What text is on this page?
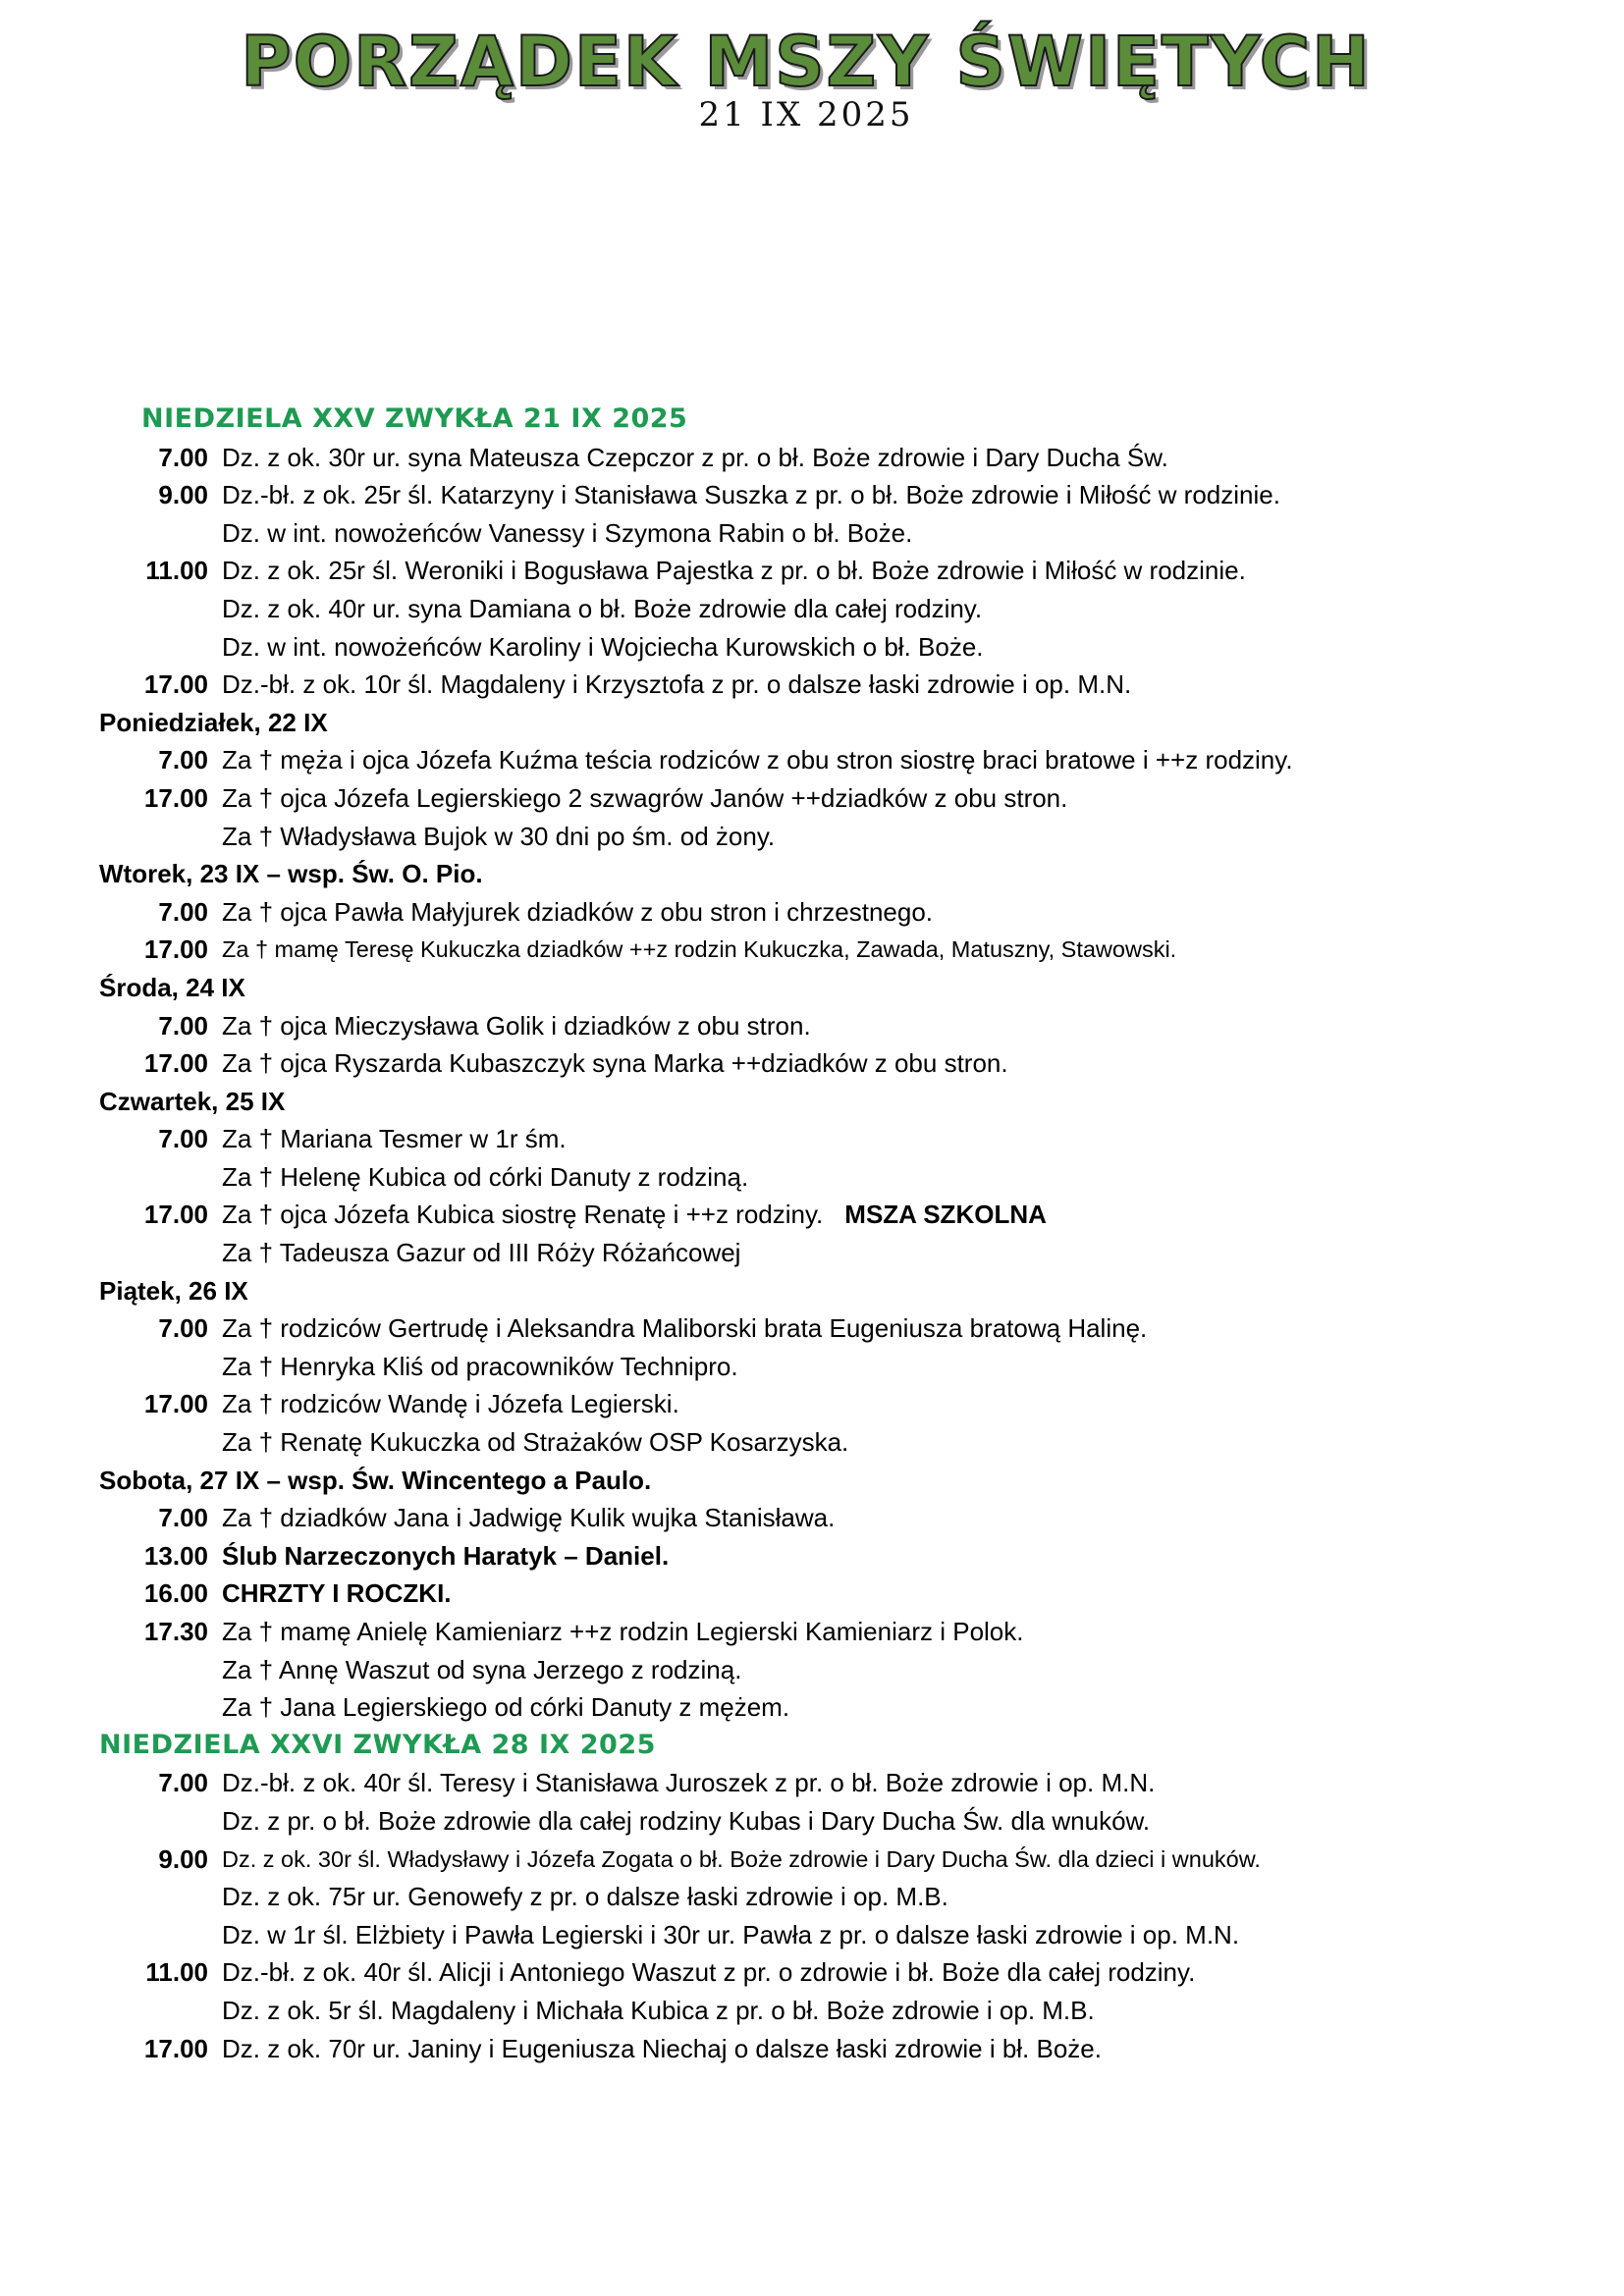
PORZĄDEK MSZY ŚWIĘTYCH
21 IX 2025
NIEDZIELA XXV ZWYKŁA 21 IX 2025
7.00 Dz. z ok. 30r ur. syna Mateusza Czepczor z pr. o bł. Boże zdrowie i Dary Ducha Św.
9.00 Dz.-bł. z ok. 25r śl. Katarzyny i Stanisława Suszka z pr. o bł. Boże zdrowie i Miłość w rodzinie.
Dz. w int. nowożeńców Vanessy i Szymona Rabin o bł. Boże.
11.00 Dz. z ok. 25r śl. Weroniki i Bogusława Pajestka z pr. o bł. Boże zdrowie i Miłość w rodzinie.
Dz. z ok. 40r ur. syna Damiana o bł. Boże zdrowie dla całej rodziny.
Dz. w int. nowożeńców Karoliny i Wojciecha Kurowskich o bł. Boże.
17.00 Dz.-bł. z ok. 10r śl. Magdaleny i Krzysztofa z pr. o dalsze łaski zdrowie i op. M.N.
Poniedziałek, 22 IX
7.00 Za † męża i ojca Józefa Kuźma teścia rodziców z obu stron siostrę braci bratowe i ++z rodziny.
17.00 Za † ojca Józefa Legierskiego 2 szwagrów Janów ++dziadków z obu stron.
Za † Władysława Bujok w 30 dni po śm. od żony.
Wtorek, 23 IX – wsp. Św. O. Pio.
7.00 Za † ojca Pawła Małyjurek dziadków z obu stron i chrzestnego.
17.00 Za † mamę Teresę Kukuczka dziadków ++z rodzin Kukuczka, Zawada, Matuszny, Stawowski.
Środa, 24 IX
7.00 Za † ojca Mieczysława Golik i dziadków z obu stron.
17.00 Za † ojca Ryszarda Kubaszczyk syna Marka ++dziadków z obu stron.
Czwartek, 25 IX
7.00 Za † Mariana Tesmer w 1r śm.
Za † Helenę Kubica od córki Danuty z rodziną.
17.00 Za † ojca Józefa Kubica siostrę Renatę i ++z rodziny. MSZA SZKOLNA
Za † Tadeusza Gazur od III Róży Różańcowej
Piątek, 26 IX
7.00 Za † rodziców Gertrudę i Aleksandra Maliborski brata Eugeniusza bratową Halinę.
Za † Henryka Kliś od pracowników Technipro.
17.00 Za † rodziców Wandę i Józefa Legierski.
Za † Renatę Kukuczka od Strażaków OSP Kosarzyska.
Sobota, 27 IX – wsp. Św. Wincentego a Paulo.
7.00 Za † dziadków Jana i Jadwigę Kulik wujka Stanisława.
13.00 Ślub Narzeczonych Haratyk – Daniel.
16.00 CHRZTY I ROCZKI.
17.30 Za † mamę Anielę Kamieniarz ++z rodzin Legierski Kamieniarz i Polok.
Za † Annę Waszut od syna Jerzego z rodziną.
Za † Jana Legierskiego od córki Danuty z mężem.
NIEDZIELA XXVI ZWYKŁA 28 IX 2025
7.00 Dz.-bł. z ok. 40r śl. Teresy i Stanisława Juroszek z pr. o bł. Boże zdrowie i op. M.N.
Dz. z pr. o bł. Boże zdrowie dla całej rodziny Kubas i Dary Ducha Św. dla wnuków.
9.00 Dz. z ok. 30r śl. Władysławy i Józefa Zogata o bł. Boże zdrowie i Dary Ducha Św. dla dzieci i wnuków.
Dz. z ok. 75r ur. Genowefy z pr. o dalsze łaski zdrowie i op. M.B.
Dz. w 1r śl. Elżbiety i Pawła Legierski i 30r ur. Pawła z pr. o dalsze łaski zdrowie i op. M.N.
11.00 Dz.-bł. z ok. 40r śl. Alicji i Antoniego Waszut z pr. o zdrowie i bł. Boże dla całej rodziny.
Dz. z ok. 5r śl. Magdaleny i Michała Kubica z pr. o bł. Boże zdrowie i op. M.B.
17.00 Dz. z ok. 70r ur. Janiny i Eugeniusza Niechaj o dalsze łaski zdrowie i bł. Boże.
